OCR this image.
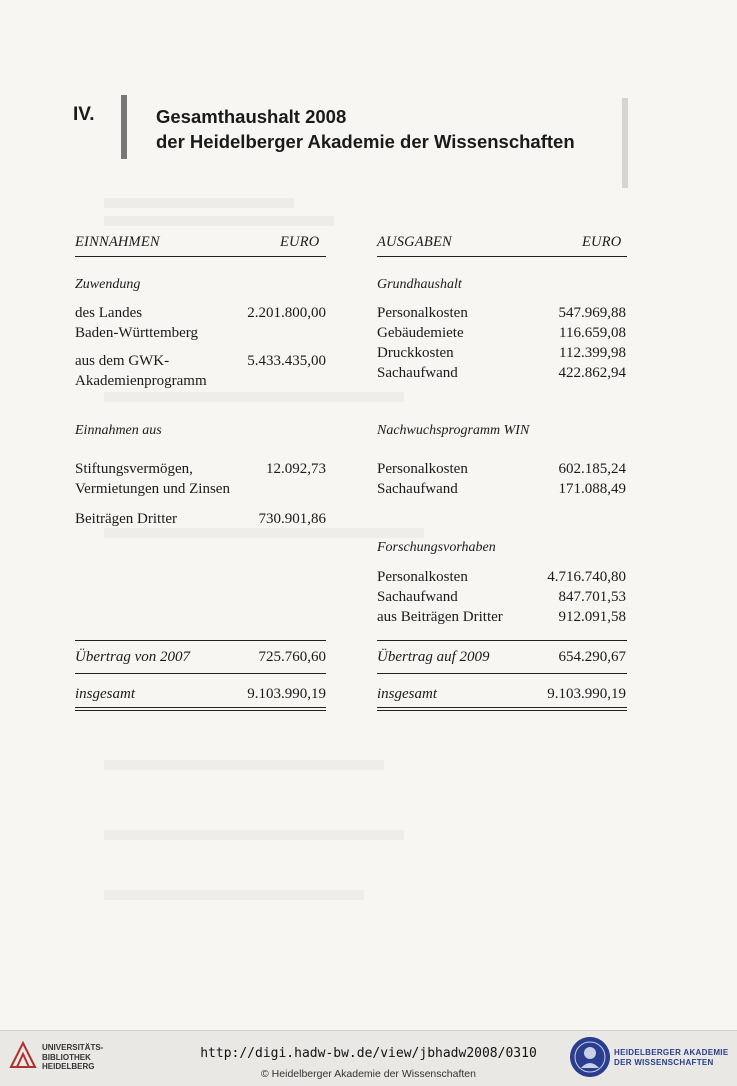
IV.	Gesamthaushalt 2008
der Heidelberger Akademie der Wissenschaften
EINNAHMEN	EURO
Zuwendung
des Landes	2.201.800,00
Baden-Württemberg
aus dem GWK-	5.433.435,00
Akademienprogramm
Einnahmen aus
Stiftungsvermögen,	12.092,73
Vermietungen und Zinsen
Beiträgen Dritter	730.901,86
Übertrag von 2007	725.760,60
insgesamt	9.103.990,19
AUSGABEN	EURO
Grundhaushalt
Personalkosten	547.969,88
Gebäudemiete	116.659,08
Druckkosten	112.399,98
Sachaufwand	422.862,94
Nachwuchsprogramm WIN
Personalkosten	602.185,24
Sachaufwand	171.088,49
Forschungsvorhaben
Personalkosten	4.716.740,80
Sachaufwand	847.701,53
aus Beiträgen Dritter	912.091,58
Übertrag auf 2009	654.290,67
insgesamt	9.103.990,19
UNIVERSITÄTS-
BIBLIOTHEK
HEIDELBERG
http://digi.hadw-bw.de/view/jbhadw2008/0310
© Heidelberger Akademie der Wissenschaften
HEIDELBERGER AKADEMIE
DER WISSENSCHAFTEN
